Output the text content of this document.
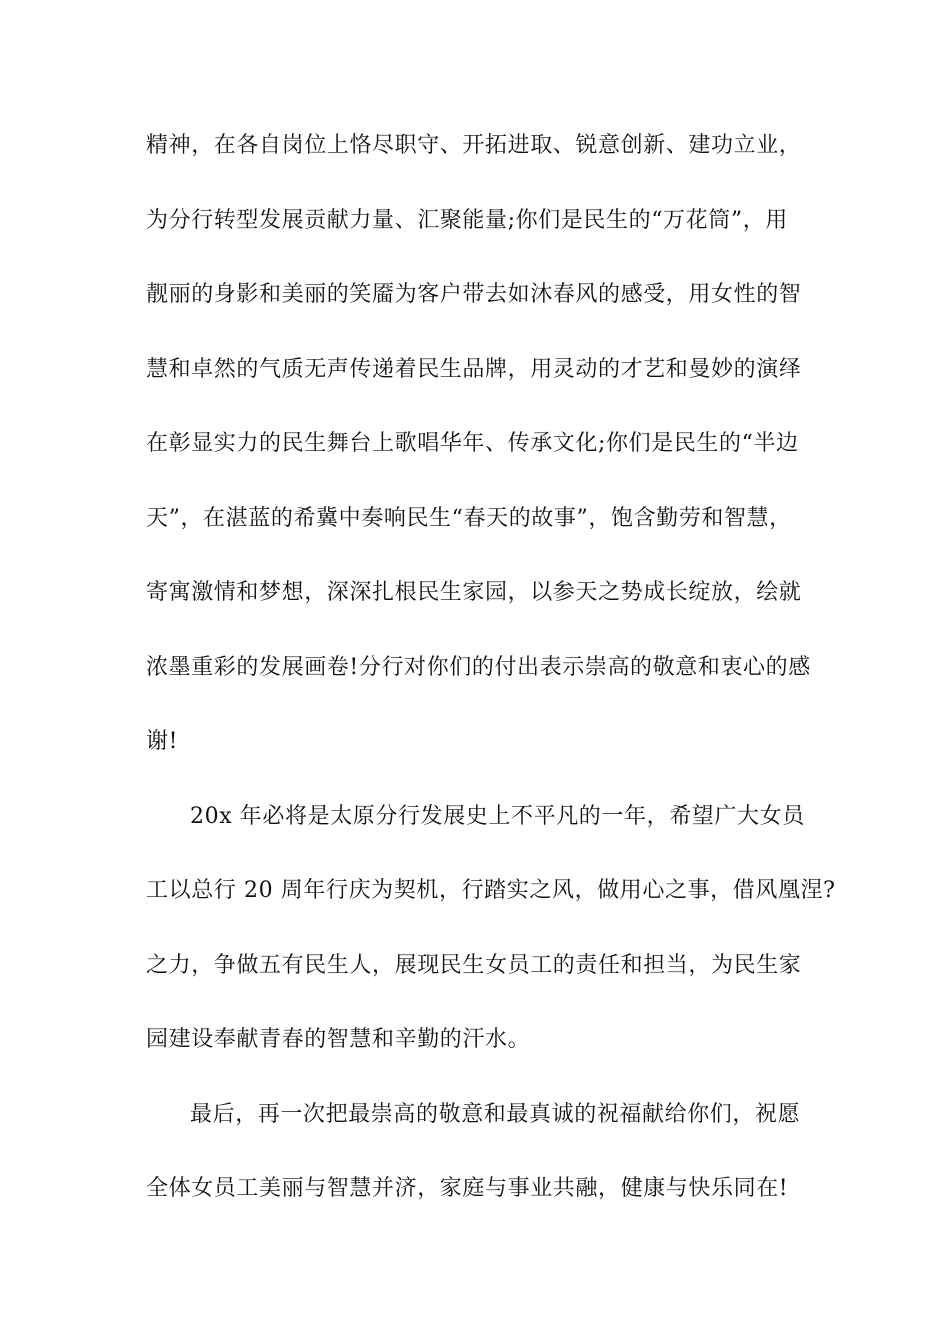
精神，在各自岗位上恪尽职守、开拓进取、锐意创新、建功立业，
为分行转型发展贡献力量、汇聚能量;你们是民生的“万花筒”，用
靓丽的身影和美丽的笑靥为客户带去如沐春风的感受，用女性的智
慧和卓然的气质无声传递着民生品牌，用灵动的才艺和曼妙的演绎
在彰显实力的民生舞台上歌唱华年、传承文化;你们是民生的“半边
天”，在湛蓝的希冀中奏响民生“春天的故事”，饱含勤劳和智慧，
寄寓激情和梦想，深深扎根民生家园，以参天之势成长绽放，绘就
浓墨重彩的发展画卷!分行对你们的付出表示崇高的敬意和衷心的感
谢!
20x 年必将是太原分行发展史上不平凡的一年，希望广大女员
工以总行 20 周年行庆为契机，行踏实之风，做用心之事，借风凰涅?
之力，争做五有民生人，展现民生女员工的责任和担当，为民生家
园建设奉献青春的智慧和辛勤的汗水。
最后，再一次把最崇高的敬意和最真诚的祝福献给你们，祝愿
全体女员工美丽与智慧并济，家庭与事业共融，健康与快乐同在!
